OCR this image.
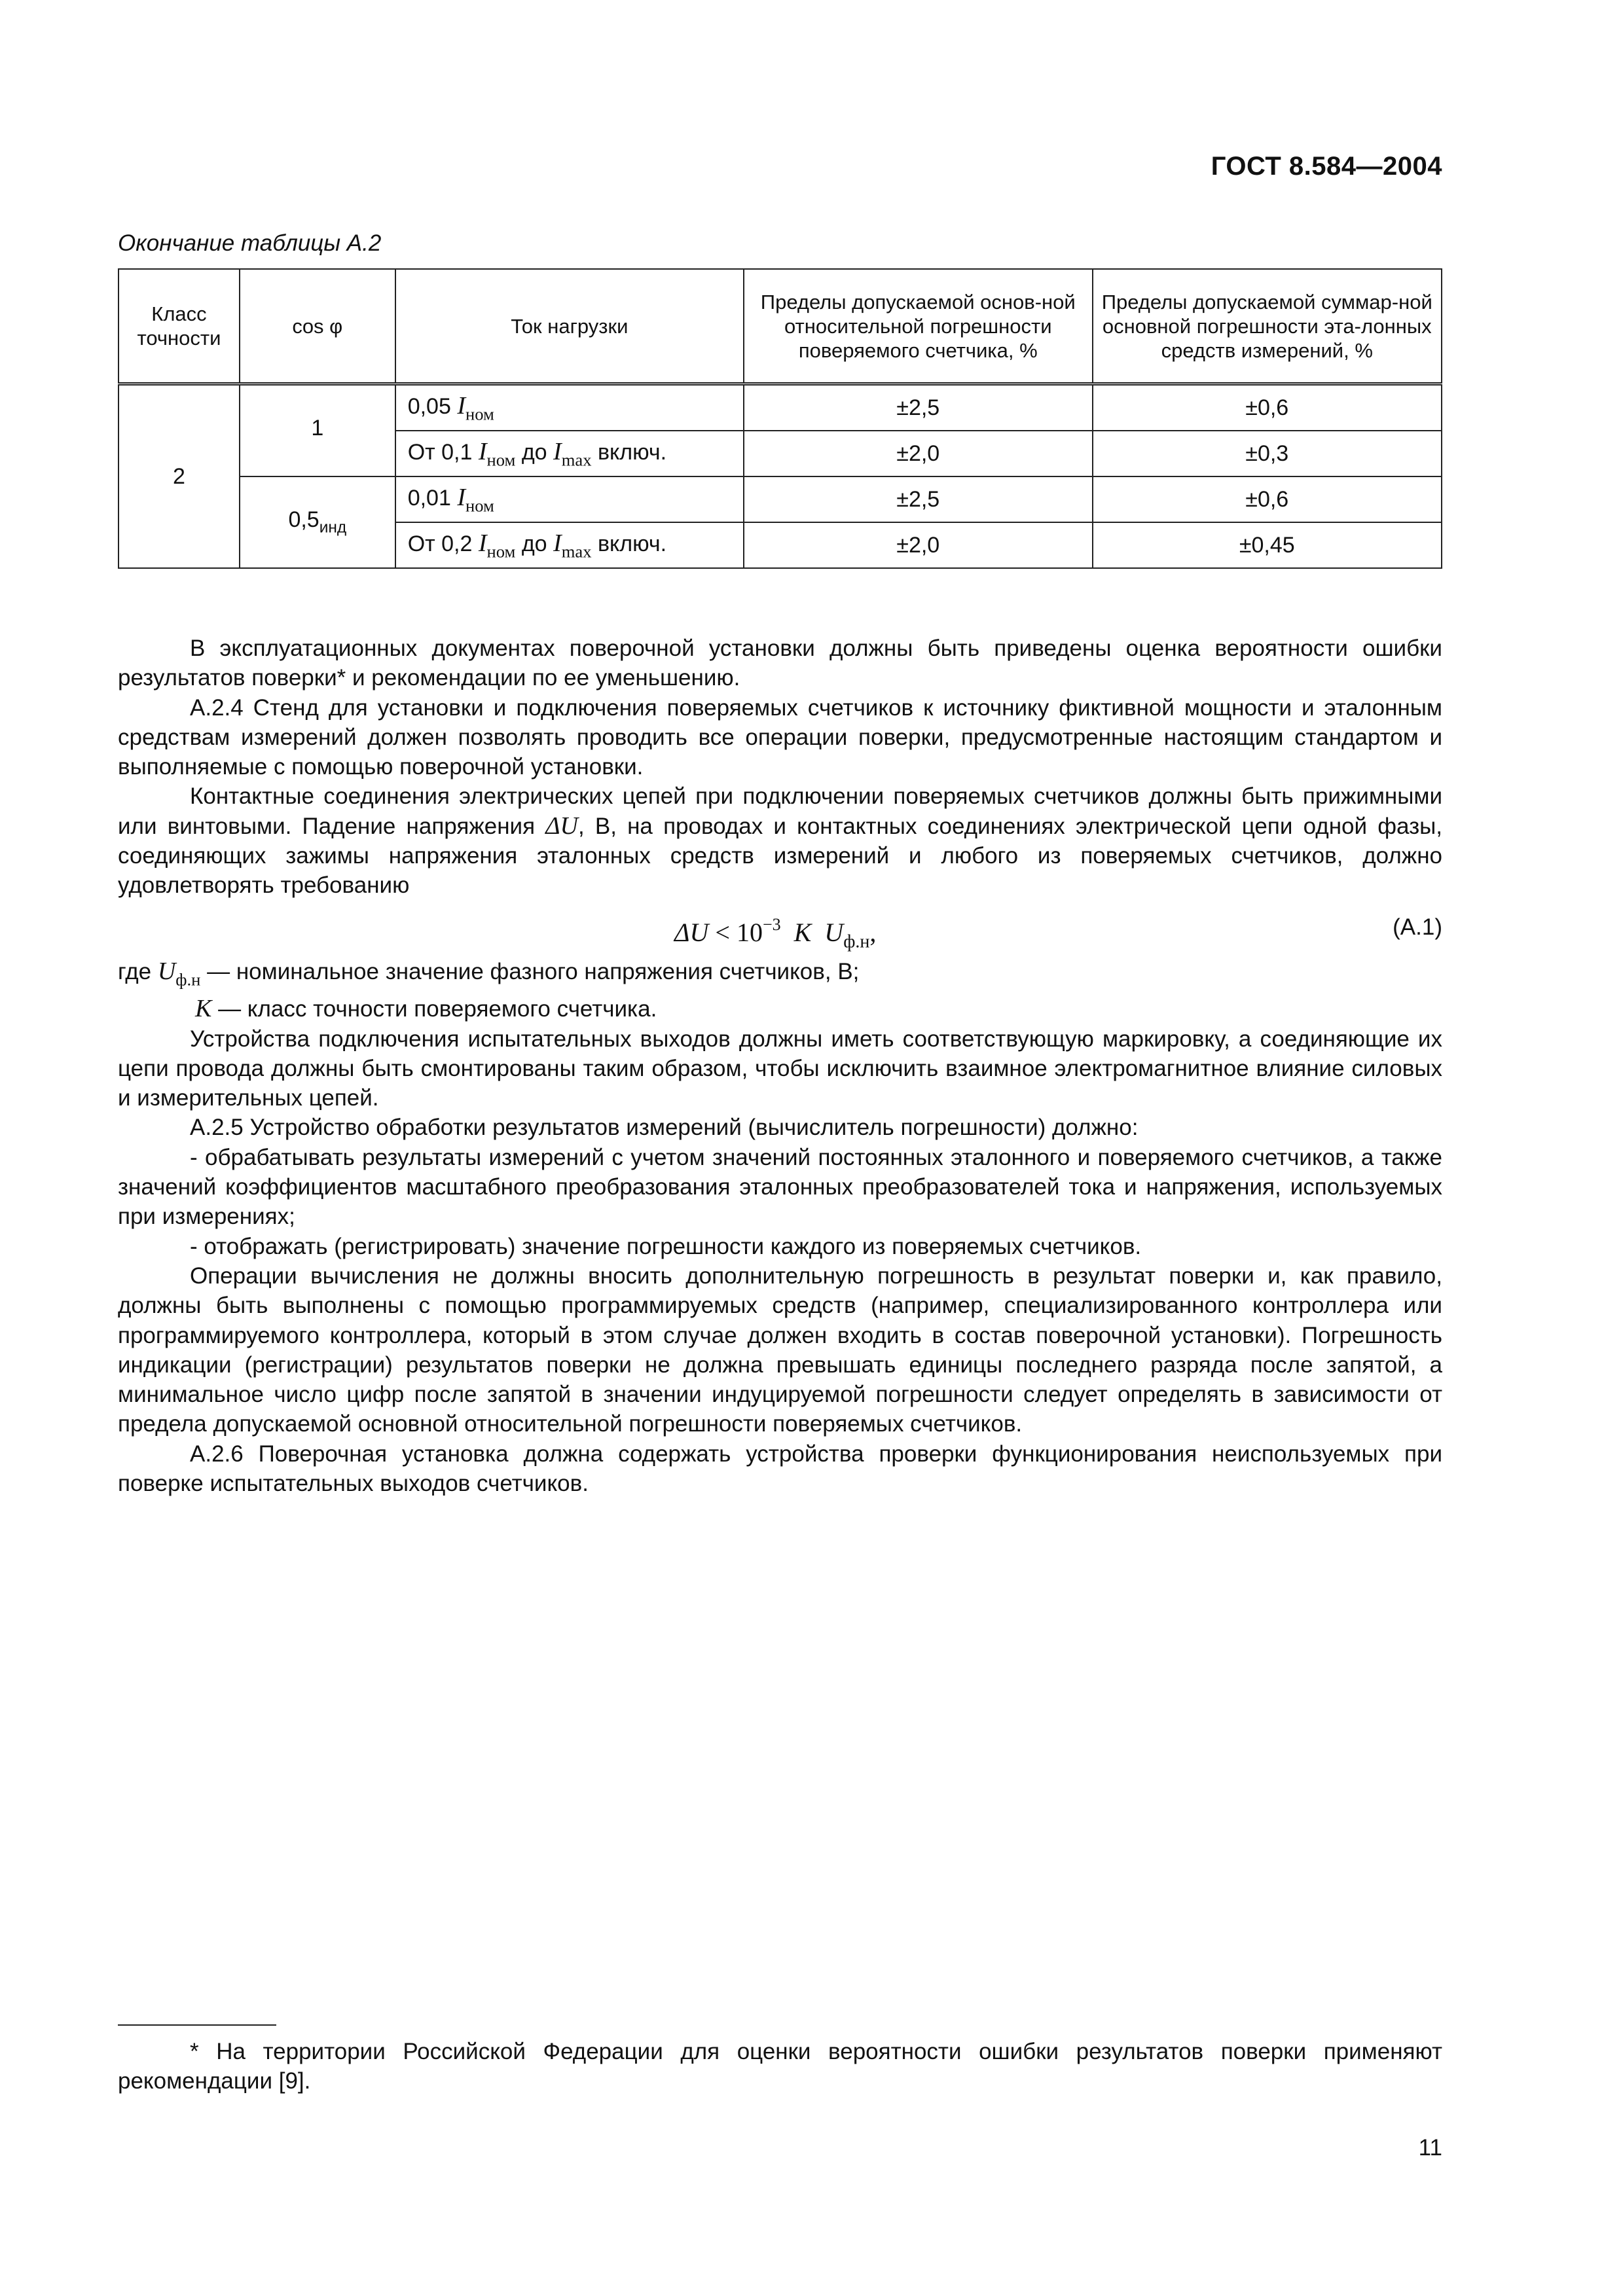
ГОСТ 8.584—2004
Окончание таблицы А.2
Класс точности	cos φ	Ток нагрузки	Пределы допускаемой основ-ной относительной погрешности поверяемого счетчика, %	Пределы допускаемой суммар-ной основной погрешности эта-лонных средств измерений, %
2	1	0,05 $I_{ном}$	±2,5	±0,6
		От 0,1 $I_{ном}$ до $I_{max}$ включ.	±2,0	±0,3
	$0,5_{инд}$	0,01 $I_{ном}$	±2,5	±0,6
		От 0,2 $I_{ном}$ до $I_{max}$ включ.	±2,0	±0,45

В эксплуатационных документах поверочной установки должны быть приведены оценка вероятности ошибки результатов поверки* и рекомендации по ее уменьшению.

А.2.4 Стенд для установки и подключения поверяемых счетчиков к источнику фиктивной мощности и эталонным средствам измерений должен позволять проводить все операции поверки, предусмотренные настоящим стандартом и выполняемые с помощью поверочной установки.

Контактные соединения электрических цепей при подключении поверяемых счетчиков должны быть прижимными или винтовыми. Падение напряжения ΔU, В, на проводах и контактных соединениях электрической цепи одной фазы, соединяющих зажимы напряжения эталонных средств измерений и любого из поверяемых счетчиков, должно удовлетворять требованию

$\Delta U < 10^{-3}$ K $U_{ф.н}$,	(А.1)

где $U_{ф.н}$ — номинальное значение фазного напряжения счетчиков, В;

K — класс точности поверяемого счетчика.

Устройства подключения испытательных выходов должны иметь соответствующую маркировку, а соединяющие их цепи провода должны быть смонтированы таким образом, чтобы исключить взаимное электромагнитное влияние силовых и измерительных цепей.

А.2.5 Устройство обработки результатов измерений (вычислитель погрешности) должно:

- обрабатывать результаты измерений с учетом значений постоянных эталонного и поверяемого счетчиков, а также значений коэффициентов масштабного преобразования эталонных преобразователей тока и напряжения, используемых при измерениях;

- отображать (регистрировать) значение погрешности каждого из поверяемых счетчиков.

Операции вычисления не должны вносить дополнительную погрешность в результат поверки и, как правило, должны быть выполнены с помощью программируемых средств (например, специализированного контроллера или программируемого контроллера, который в этом случае должен входить в состав поверочной установки). Погрешность индикации (регистрации) результатов поверки не должна превышать единицы последнего разряда после запятой, а минимальное число цифр после запятой в значении индуцируемой погрешности следует определять в зависимости от предела допускаемой основной относительной погрешности поверяемых счетчиков.

А.2.6 Поверочная установка должна содержать устройства проверки функционирования неиспользуемых при поверке испытательных выходов счетчиков.

* На территории Российской Федерации для оценки вероятности ошибки результатов поверки применяют рекомендации [9].
11
